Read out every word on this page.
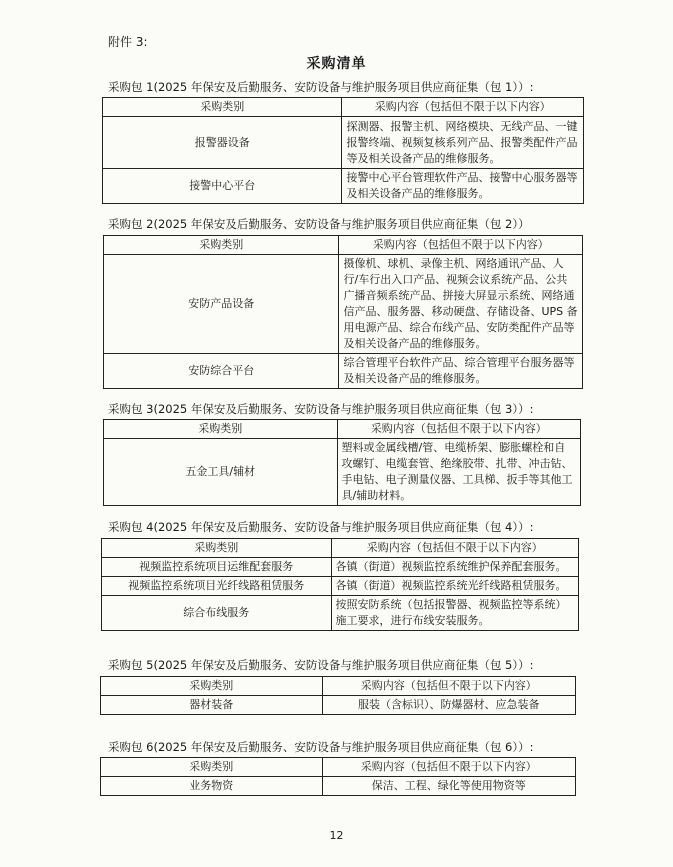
附件 3:
采购清单
采购包 1(2025 年保安及后勤服务、安防设备与维护服务项目供应商征集（包 1））:
采购类别	采购内容（包括但不限于以下内容）
报警器设备	探测器、报警主机、网络模块、无线产品、一键报警终端、视频复核系列产品、报警类配件产品等及相关设备产品的维修服务。
接警中心平台	接警中心平台管理软件产品、接警中心服务器等及相关设备产品的维修服务。
采购包 2(2025 年保安及后勤服务、安防设备与维护服务项目供应商征集（包 2））
采购类别	采购内容（包括但不限于以下内容）
安防产品设备	摄像机、球机、录像主机、网络通讯产品、人行/车行出入口产品、视频会议系统产品、公共广播音频系统产品、拼接大屏显示系统、网络通信产品、服务器、移动硬盘、存储设备、UPS 备用电源产品、综合布线产品、安防类配件产品等及相关设备产品的维修服务。
安防综合平台	综合管理平台软件产品、综合管理平台服务器等及相关设备产品的维修服务。
采购包 3(2025 年保安及后勤服务、安防设备与维护服务项目供应商征集（包 3））:
采购类别	采购内容（包括但不限于以下内容）
五金工具/辅材	塑料或金属线槽/管、电缆桥架、膨胀螺栓和自攻螺钉、电缆套管、绝缘胶带、扎带、冲击钻、手电钻、电子测量仪器、工具梯、扳手等其他工具/辅助材料。
采购包 4(2025 年保安及后勤服务、安防设备与维护服务项目供应商征集（包 4））:
采购类别	采购内容（包括但不限于以下内容）
视频监控系统项目运维配套服务	各镇（街道）视频监控系统维护保养配套服务。
视频监控系统项目光纤线路租赁服务	各镇（街道）视频监控系统光纤线路租赁服务。
综合布线服务	按照安防系统（包括报警器、视频监控等系统）施工要求，进行布线安装服务。
采购包 5(2025 年保安及后勤服务、安防设备与维护服务项目供应商征集（包 5））:
采购类别	采购内容（包括但不限于以下内容）
器材装备	服装（含标识）、防爆器材、应急装备
采购包 6(2025 年保安及后勤服务、安防设备与维护服务项目供应商征集（包 6））:
采购类别	采购内容（包括但不限于以下内容）
业务物资	保洁、工程、绿化等使用物资等
12
